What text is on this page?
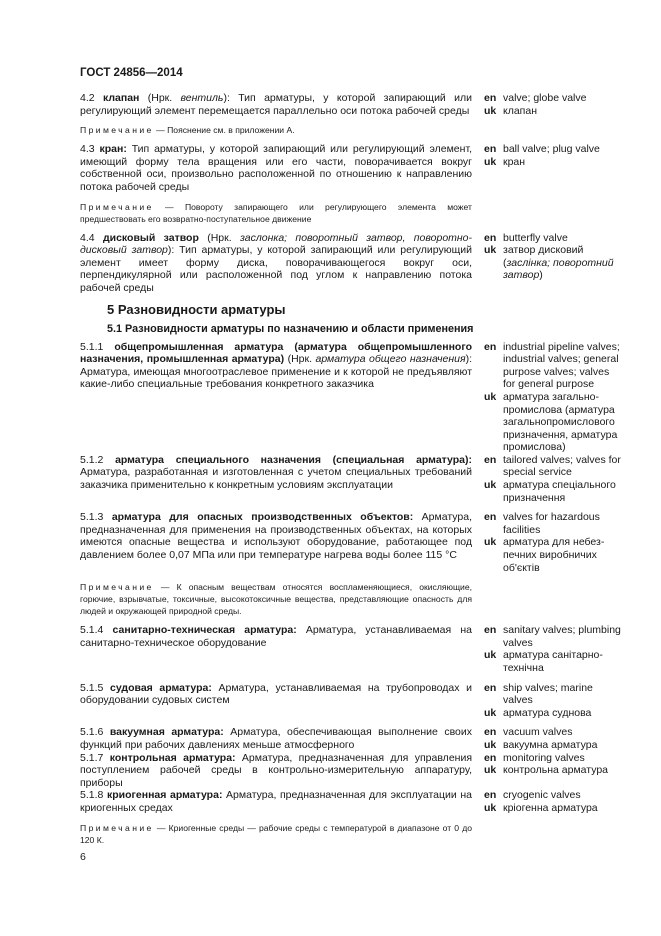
ГОСТ 24856—2014
4.2 клапан (Нрк. вентиль): Тип арматуры, у которой запирающий или регулирующий элемент перемещается параллельно оси потока рабочей среды
en valve; globe valve
uk клапан
Примечание — Пояснение см. в приложении А.
4.3 кран: Тип арматуры, у которой запирающий или регулирующий элемент, имеющий форму тела вращения или его части, поворачивается вокруг собственной оси, произвольно расположенной по отношению к направлению потока рабочей среды
en ball valve; plug valve
uk кран
Примечание — Повороту запирающего или регулирующего элемента может предшествовать его возвратно-поступательное движение
4.4 дисковый затвор (Нрк. заслонка; поворотный затвор, поворотно-дисковый затвор): Тип арматуры, у которой запирающий или регулирующий элемент имеет форму диска, поворачивающегося вокруг оси, перпендикулярной или расположенной под углом к направлению потока рабочей среды
en butterfly valve
uk затвор дисковий (заслінка; поворотний затвор)
5 Разновидности арматуры
5.1 Разновидности арматуры по назначению и области применения
5.1.1 общепромышленная арматура (арматура общепромышленного назначения, промышленная арматура) (Нрк. арматура общего назначения): Арматура, имеющая многоотраслевое применение и к которой не предъявляют какие-либо специальные требования конкретного заказчика
en industrial pipeline valves; industrial valves; general purpose valves; valves for general purpose
uk арматура загальнопромислова (арматура загальнопромислового призначення, арматура промислова)
5.1.2 арматура специального назначения (специальная арматура): Арматура, разработанная и изготовленная с учетом специальных требований заказчика применительно к конкретным условиям эксплуатации
en tailored valves; valves for special service
uk арматура спеціального призначення
5.1.3 арматура для опасных производственных объектов: Арматура, предназначенная для применения на производственных объектах, на которых имеются опасные вещества и используют оборудование, работающее под давлением более 0,07 МПа или при температуре нагрева воды более 115 °С
en valves for hazardous facilities
uk арматура для небезпечних виробничих об'єктів
Примечание — К опасным веществам относятся воспламеняющиеся, окисляющие, горючие, взрывчатые, токсичные, высокотоксичные вещества, представляющие опасность для людей и окружающей природной среды.
5.1.4 санитарно-техническая арматура: Арматура, устанавливаемая на санитарно-техническое оборудование
en sanitary valves; plumbing valves
uk арматура санітарно-технічна
5.1.5 судовая арматура: Арматура, устанавливаемая на трубопроводах и оборудовании судовых систем
en ship valves; marine valves
uk арматура суднова
5.1.6 вакуумная арматура: Арматура, обеспечивающая выполнение своих функций при рабочих давлениях меньше атмосферного
en vacuum valves
uk вакуумна арматура
5.1.7 контрольная арматура: Арматура, предназначенная для управления поступлением рабочей среды в контрольно-измерительную аппаратуру, приборы
en monitoring valves
uk контрольна арматура
5.1.8 криогенная арматура: Арматура, предназначенная для эксплуатации на криогенных средах
en cryogenic valves
uk кріогенна арматура
Примечание — Криогенные среды — рабочие среды с температурой в диапазоне от 0 до 120 К.
6
